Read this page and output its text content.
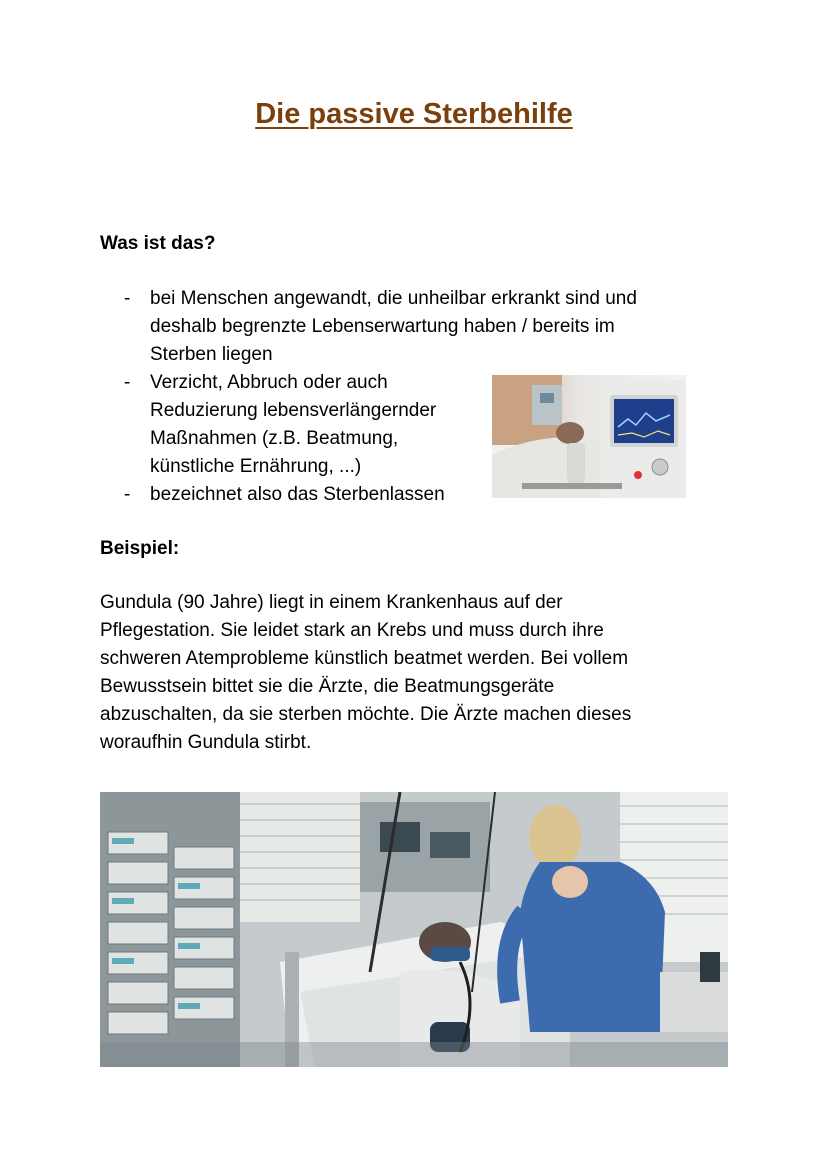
Die passive Sterbehilfe
Was ist das?
- bei Menschen angewandt, die unheilbar erkrankt sind und
deshalb begrenzte Lebenserwartung haben / bereits im
Sterben liegen
- Verzicht, Abbruch oder auch
Reduzierung lebensverlängernder
Maßnahmen (z.B. Beatmung,
künstliche Ernährung, ...)
- bezeichnet also das Sterbenlassen
Beispiel:
Gundula (90 Jahre) liegt in einem Krankenhaus auf der
Pflegestation. Sie leidet stark an Krebs und muss durch ihre
schweren Atemprobleme künstlich beatmet werden. Bei vollem
Bewusstsein bittet sie die Ärzte, die Beatmungsgeräte
abzuschalten, da sie sterben möchte. Die Ärzte machen dieses
woraufhin Gundula stirbt.
